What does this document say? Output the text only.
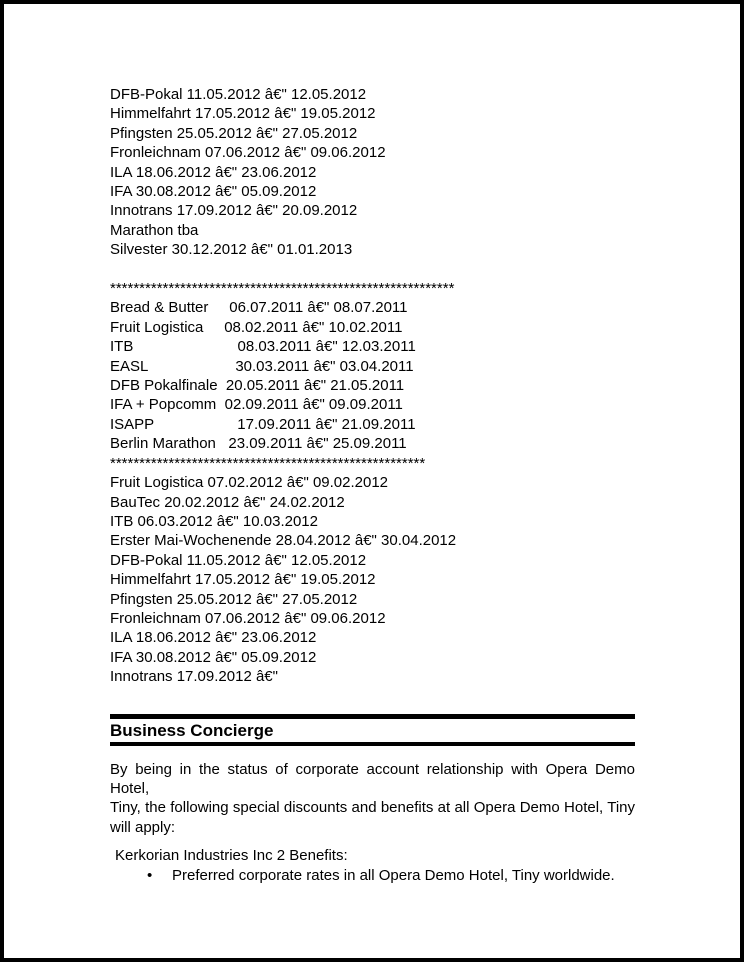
DFB-Pokal 11.05.2012 â€" 12.05.2012
Himmelfahrt 17.05.2012 â€" 19.05.2012
Pfingsten 25.05.2012 â€" 27.05.2012
Fronleichnam 07.06.2012 â€" 09.06.2012
ILA 18.06.2012 â€" 23.06.2012
IFA 30.08.2012 â€" 05.09.2012
Innotrans 17.09.2012 â€" 20.09.2012
Marathon tba
Silvester 30.12.2012 â€" 01.01.2013
***********************************************************
Bread & Butter     06.07.2011 â€" 08.07.2011
Fruit Logistica     08.02.2011 â€" 10.02.2011
ITB                         08.03.2011 â€" 12.03.2011
EASL                     30.03.2011 â€" 03.04.2011
DFB Pokalfinale  20.05.2011 â€" 21.05.2011
IFA + Popcomm  02.09.2011 â€" 09.09.2011
ISAPP                    17.09.2011 â€" 21.09.2011
Berlin Marathon   23.09.2011 â€" 25.09.2011
******************************************************
Fruit Logistica 07.02.2012 â€" 09.02.2012
BauTec 20.02.2012 â€" 24.02.2012
ITB 06.03.2012 â€" 10.03.2012
Erster Mai-Wochenende 28.04.2012 â€" 30.04.2012
DFB-Pokal 11.05.2012 â€" 12.05.2012
Himmelfahrt 17.05.2012 â€" 19.05.2012
Pfingsten 25.05.2012 â€" 27.05.2012
Fronleichnam 07.06.2012 â€" 09.06.2012
ILA 18.06.2012 â€" 23.06.2012
IFA 30.08.2012 â€" 05.09.2012
Innotrans 17.09.2012 â€"
Business Concierge
By being in the status of corporate account relationship with Opera Demo Hotel,
Tiny, the following special discounts and benefits at all Opera Demo Hotel, Tiny
will apply:
Kerkorian Industries Inc 2 Benefits:
• Preferred corporate rates in all Opera Demo Hotel, Tiny worldwide.
